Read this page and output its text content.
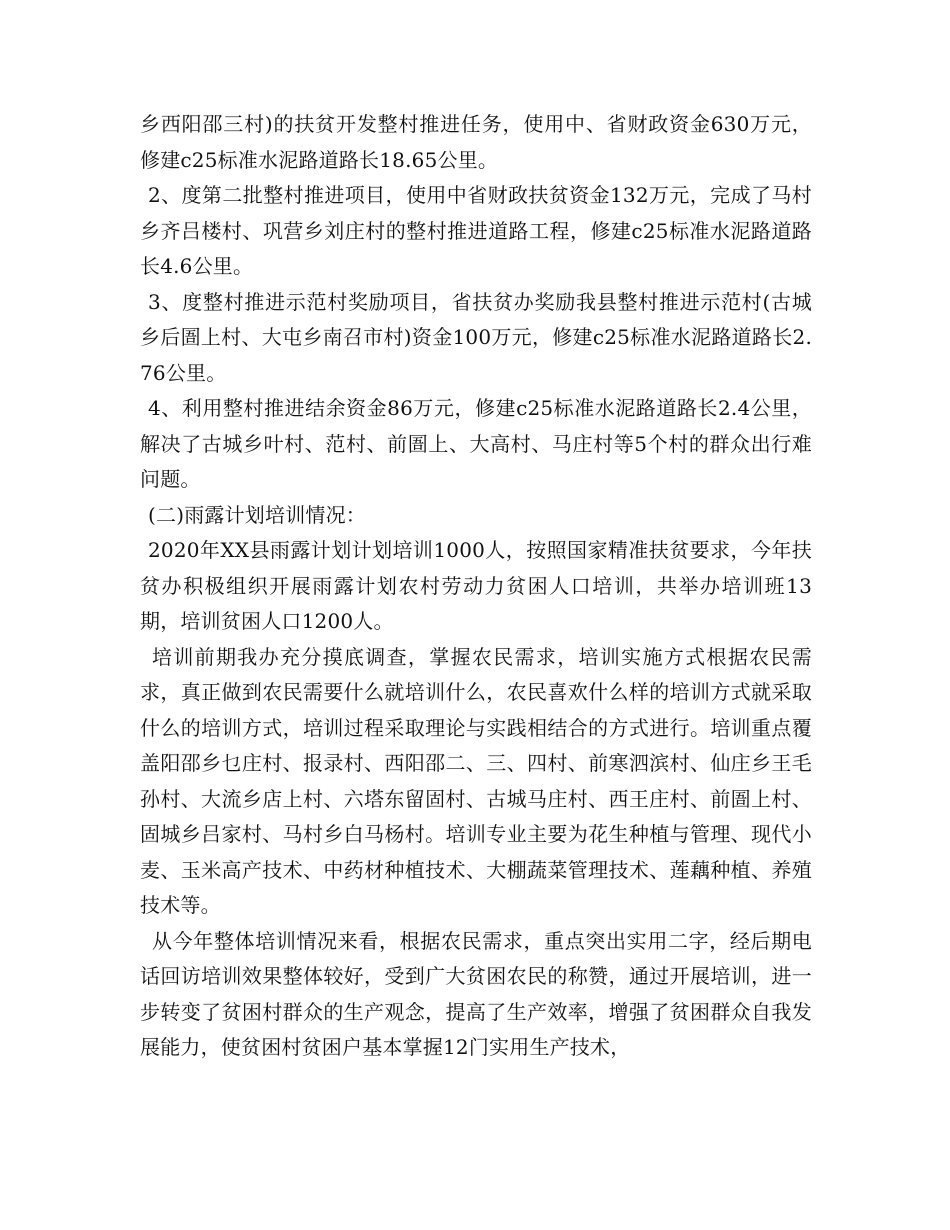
乡西阳邵三村)的扶贫开发整村推进任务，使用中、省财政资金630万元，修建c25标准水泥路道路长18.65公里。

2、度第二批整村推进项目，使用中省财政扶贫资金132万元，完成了马村乡齐吕楼村、巩营乡刘庄村的整村推进道路工程，修建c25标准水泥路道路长4.6公里。

3、度整村推进示范村奖励项目，省扶贫办奖励我县整村推进示范村(古城乡后圄上村、大屯乡南召市村)资金100万元，修建c25标准水泥路道路长2.76公里。

4、利用整村推进结余资金86万元，修建c25标准水泥路道路长2.4公里，解决了古城乡叶村、范村、前圄上、大高村、马庄村等5个村的群众出行难问题。

(二)雨露计划培训情况：

2020年XX县雨露计划计划培训1000人，按照国家精准扶贫要求，今年扶贫办积极组织开展雨露计划农村劳动力贫困人口培训，共举办培训班13期，培训贫困人口1200人。

培训前期我办充分摸底调查，掌握农民需求，培训实施方式根据农民需求，真正做到农民需要什么就培训什么，农民喜欢什么样的培训方式就采取什么的培训方式，培训过程采取理论与实践相结合的方式进行。培训重点覆盖阳邵乡乜庄村、报录村、西阳邵二、三、四村、前寒泗滨村、仙庄乡王毛孙村、大流乡店上村、六塔东留固村、古城马庄村、西王庄村、前圄上村、固城乡吕家村、马村乡白马杨村。培训专业主要为花生种植与管理、现代小麦、玉米高产技术、中药材种植技术、大棚蔬菜管理技术、莲藕种植、养殖技术等。

从今年整体培训情况来看，根据农民需求，重点突出实用二字，经后期电话回访培训效果整体较好，受到广大贫困农民的称赞，通过开展培训，进一步转变了贫困村群众的生产观念，提高了生产效率，增强了贫困群众自我发展能力，使贫困村贫困户基本掌握12门实用生产技术，
